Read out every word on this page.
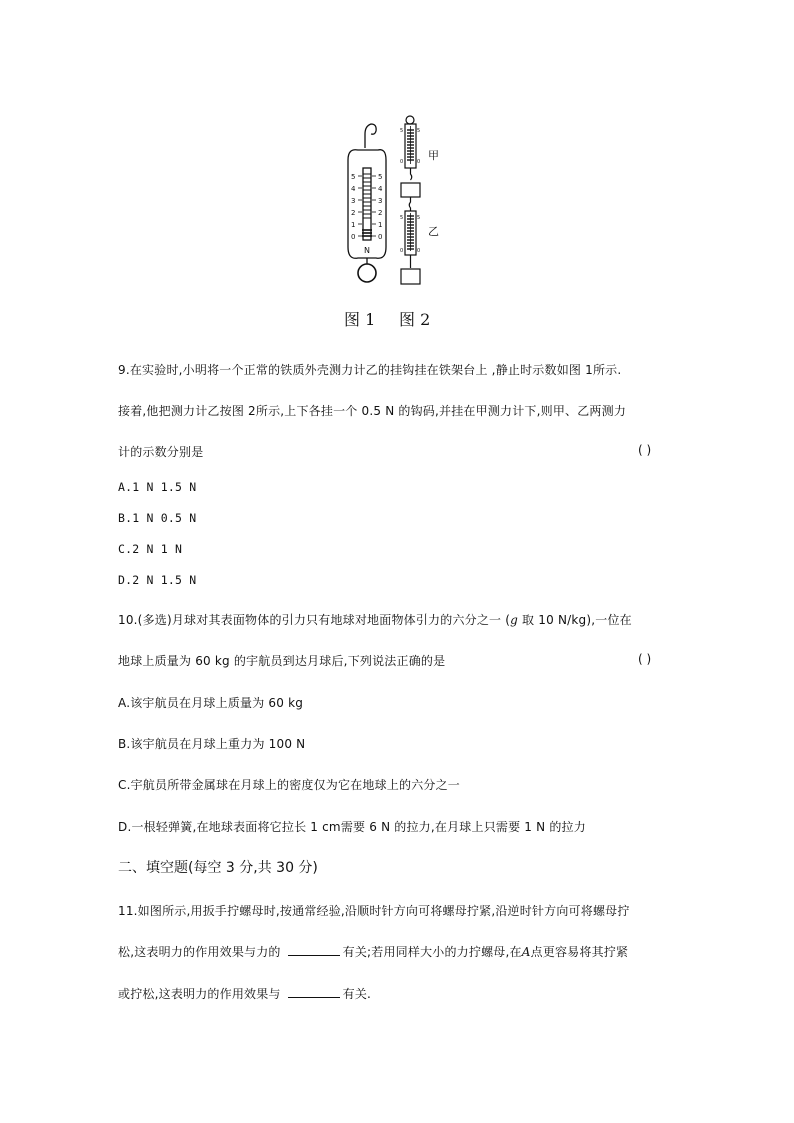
5
4
3
2
1
0
5
4
3
2
1
0
N
5	5
0	0
5	5
0	0
甲
乙
图 1 图 2
9.在实验时,小明将一个正常的铁质外壳测力计乙的挂钩挂在铁架台上 ,静止时示数如图 1所示.
接着,他把测力计乙按图 2所示,上下各挂一个 0.5 N 的钩码,并挂在甲测力计下,则甲、乙两测力
计的示数分别是	( )
A.1 N 1.5 N
B.1 N 0.5 N
C.2 N 1 N
D.2 N 1.5 N
10.(多选)月球对其表面物体的引力只有地球对地面物体引力的六分之一 (g 取 10 N/kg),一位在
地球上质量为 60 kg 的宇航员到达月球后,下列说法正确的是	( )
A.该宇航员在月球上质量为 60 kg
B.该宇航员在月球上重力为 100 N
C.宇航员所带金属球在月球上的密度仅为它在地球上的六分之一
D.一根轻弹簧,在地球表面将它拉长 1 cm需要 6 N 的拉力,在月球上只需要 1 N 的拉力
二、填空题(每空 3 分,共 30 分)
11.如图所示,用扳手拧螺母时,按通常经验,沿顺时针方向可将螺母拧紧,沿逆时针方向可将螺母拧
松,这表明力的作用效果与力的	有关;若用同样大小的力拧螺母,在A点更容易将其拧紧
或拧松,这表明力的作用效果与	有关.
